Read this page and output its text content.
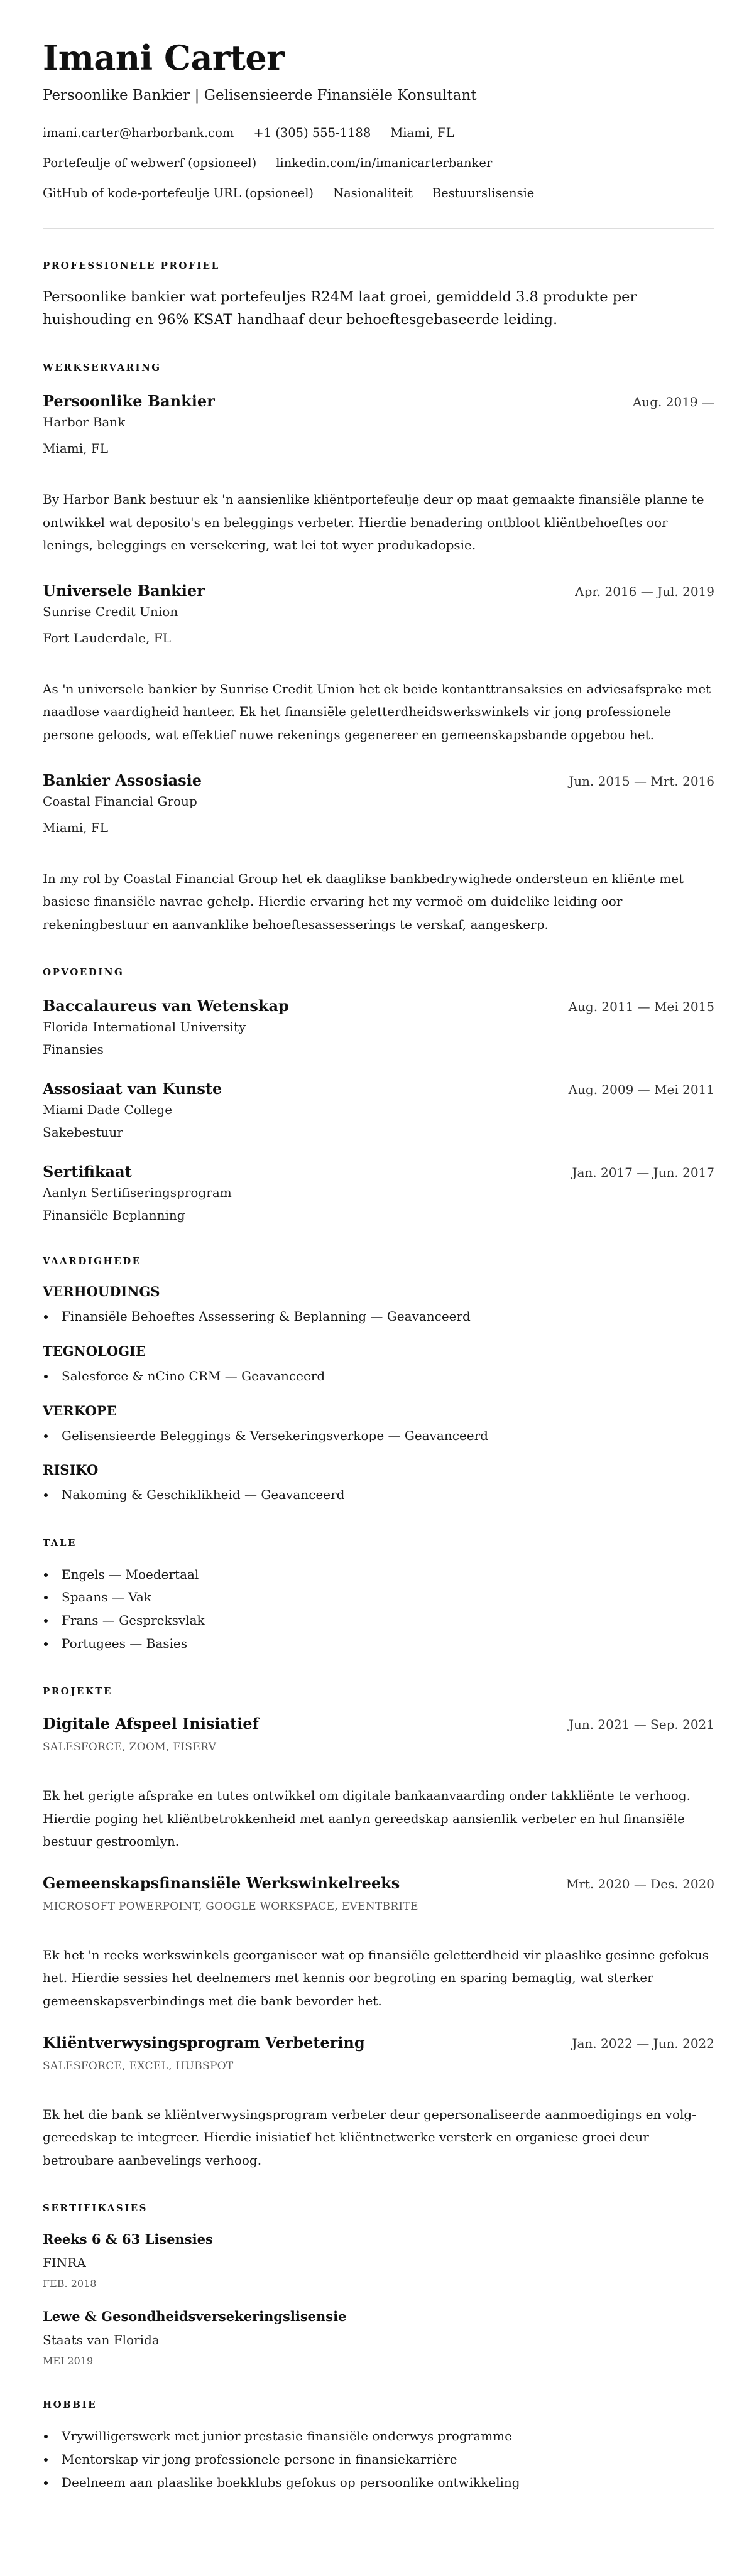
Imani Carter
Persoonlike Bankier | Gelisensieerde Finansiële Konsultant
imani.carter@harborbank.com +1 (305) 555-1188 Miami, FL
Portefeulje of webwerf (opsioneel) linkedin.com/in/imanicarterbanker
GitHub of kode-portefeulje URL (opsioneel) Nasionaliteit Bestuurslisensie
PROFESSIONELE PROFIEL

Persoonlike bankier wat portefeuljes R24M laat groei, gemiddeld 3.8 produkte per huishouding en 96% KSAT handhaaf deur behoeftesgebaseerde leiding.

WERKSERVARING
Persoonlike Bankier	Aug. 2019 —
Harbor Bank
Miami, FL
By Harbor Bank bestuur ek 'n aansienlike kliëntportefeulje deur op maat gemaakte finansiële planne te ontwikkel wat deposito's en beleggings verbeter. Hierdie benadering ontbloot kliëntbehoeftes oor lenings, beleggings en versekering, wat lei tot wyer produkadopsie.
Universele Bankier	Apr. 2016 — Jul. 2019
Sunrise Credit Union
Fort Lauderdale, FL
As 'n universele bankier by Sunrise Credit Union het ek beide kontanttransaksies en adviesafsprake met naadlose vaardigheid hanteer. Ek het finansiële geletterdheidswerkswinkels vir jong professionele persone geloods, wat effektief nuwe rekenings gegenereer en gemeenskapsbande opgebou het.
Bankier Assosiasie	Jun. 2015 — Mrt. 2016
Coastal Financial Group
Miami, FL
In my rol by Coastal Financial Group het ek daaglikse bankbedrywighede ondersteun en kliënte met basiese finansiële navrae gehelp. Hierdie ervaring het my vermoë om duidelike leiding oor rekeningbestuur en aanvanklike behoeftesassesserings te verskaf, aangeskerp.
OPVOEDING
Baccalaureus van Wetenskap	Aug. 2011 — Mei 2015
Florida International University
Finansies
Assosiaat van Kunste	Aug. 2009 — Mei 2011
Miami Dade College
Sakebestuur
Sertifikaat	Jan. 2017 — Jun. 2017
Aanlyn Sertifiseringsprogram
Finansiële Beplanning
VAARDIGHEDE
VERHOUDINGS
Finansiële Behoeftes Assessering & Beplanning — Geavanceerd
TEGNOLOGIE
Salesforce & nCino CRM — Geavanceerd
VERKOPE
Gelisensieerde Beleggings & Versekeringsverkope — Geavanceerd
RISIKO
Nakoming & Geschiklikheid — Geavanceerd
TALE
Engels — Moedertaal
Spaans — Vak
Frans — Gespreksvlak
Portugees — Basies
PROJEKTE
Digitale Afspeel Inisiatief	Jun. 2021 — Sep. 2021
SALESFORCE, ZOOM, FISERV
Ek het gerigte afsprake en tutes ontwikkel om digitale bankaanvaarding onder takkliënte te verhoog. Hierdie poging het kliëntbetrokkenheid met aanlyn gereedskap aansienlik verbeter en hul finansiële bestuur gestroomlyn.
Gemeenskapsfinansiële Werkswinkelreeks	Mrt. 2020 — Des. 2020
MICROSOFT POWERPOINT, GOOGLE WORKSPACE, EVENTBRITE
Ek het 'n reeks werkswinkels georganiseer wat op finansiële geletterdheid vir plaaslike gesinne gefokus het. Hierdie sessies het deelnemers met kennis oor begroting en sparing bemagtig, wat sterker gemeenskapsverbindings met die bank bevorder het.
Kliëntverwysingsprogram Verbetering	Jan. 2022 — Jun. 2022
SALESFORCE, EXCEL, HUBSPOT
Ek het die bank se kliëntverwysingsprogram verbeter deur gepersonaliseerde aanmoedigings en volg-gereedskap te integreer. Hierdie inisiatief het kliëntnetwerke versterk en organiese groei deur betroubare aanbevelings verhoog.
SERTIFIKASIES
Reeks 6 & 63 Lisensies
FINRA
FEB. 2018
Lewe & Gesondheidsversekeringslisensie
Staats van Florida
MEI 2019
HOBBIE
Vrywilligerswerk met junior prestasie finansiële onderwys programme
Mentorskap vir jong professionele persone in finansiekarrière
Deelneem aan plaaslike boekklubs gefokus op persoonlike ontwikkeling
